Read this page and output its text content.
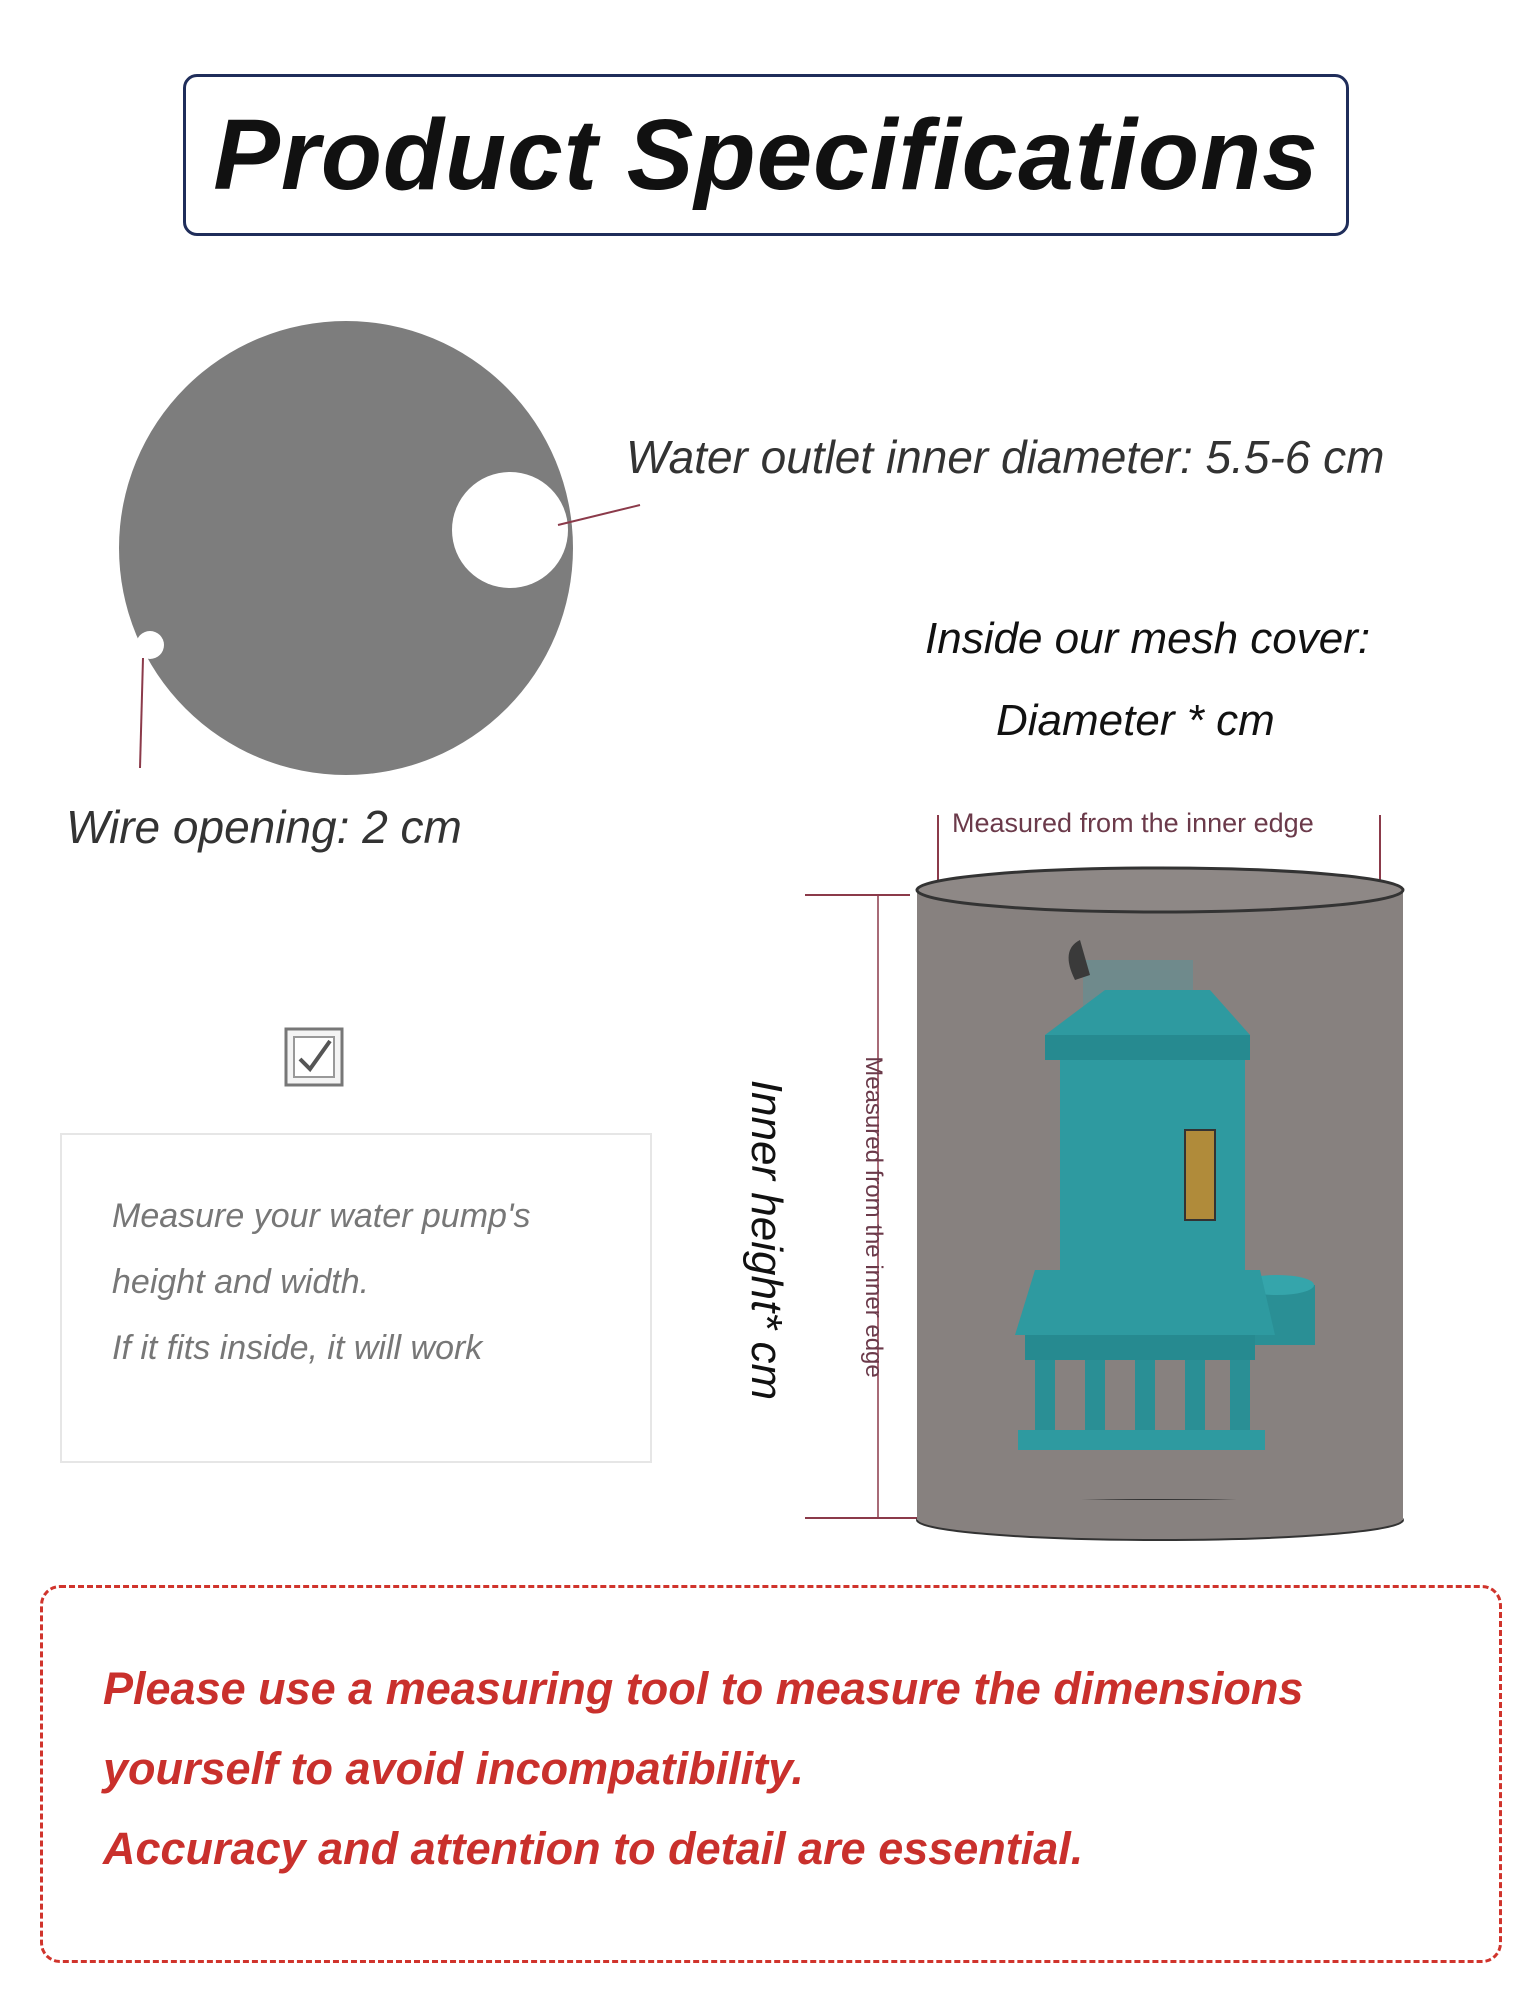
Product Specifications
Water outlet inner diameter: 5.5-6 cm
Wire opening: 2 cm
Inside our mesh cover:
Diameter * cm
Measure your water pump's
height and width.
If it fits inside, it will work
Measured from the inner edge
Inner height* cm	Measured from the inner edge
Please use a measuring tool to measure the dimensions
yourself to avoid incompatibility.
Accuracy and attention to detail are essential.
